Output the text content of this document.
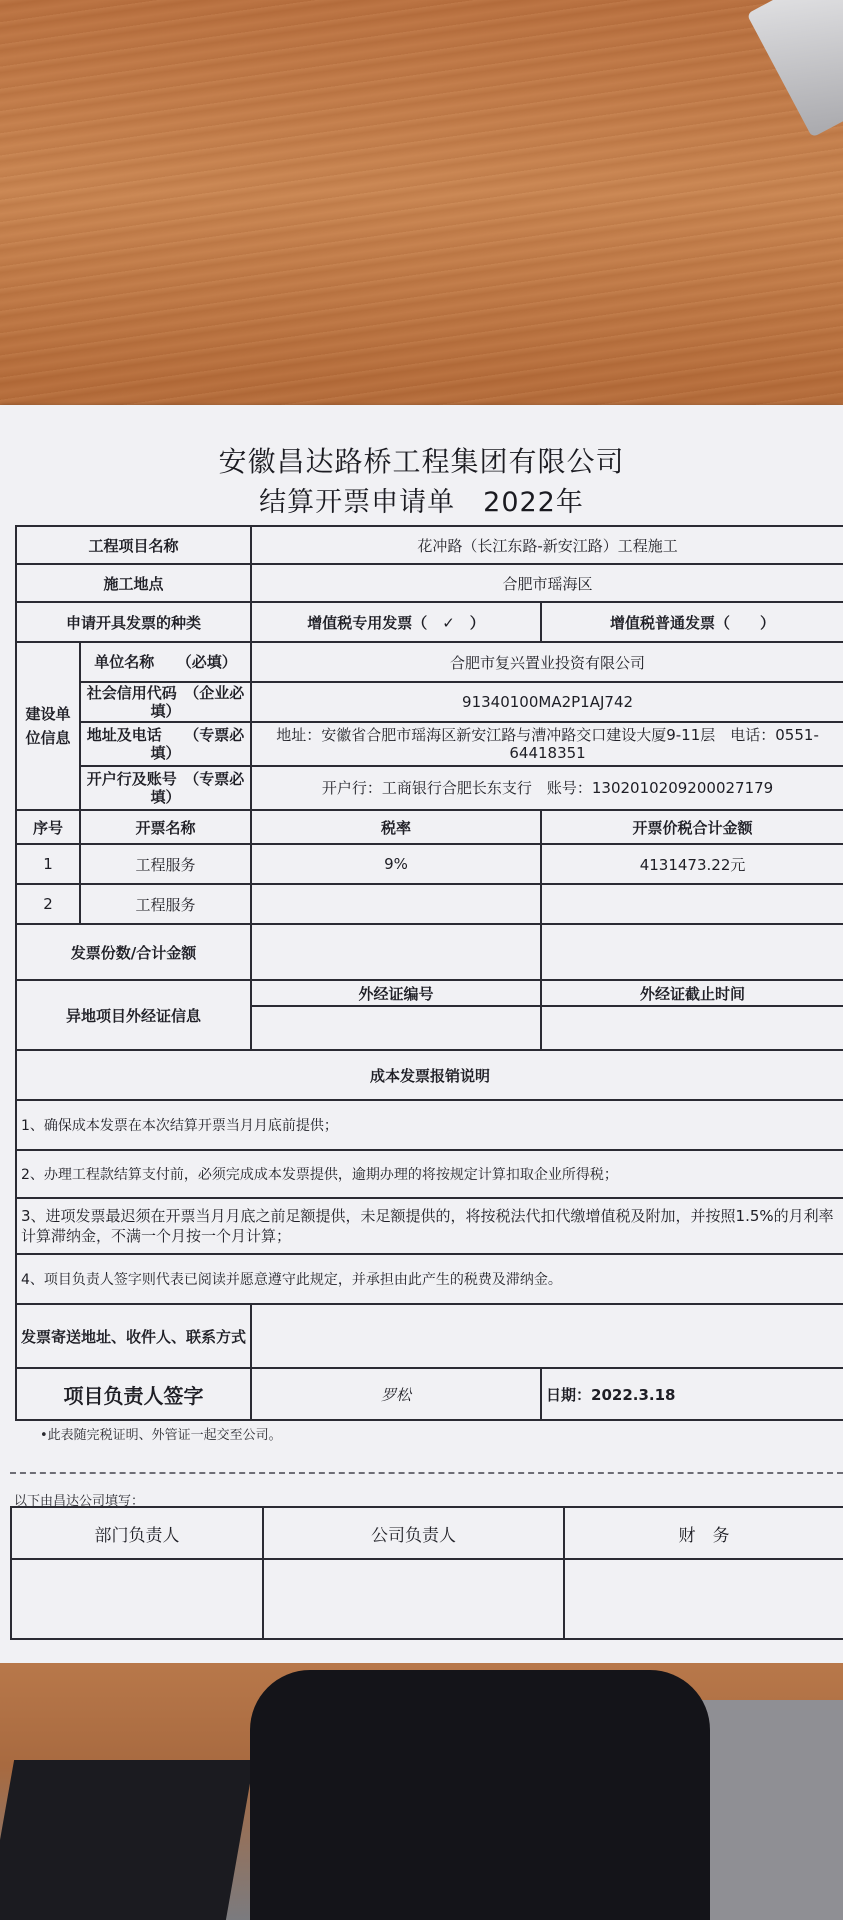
安徽昌达路桥工程集团有限公司
结算开票申请单　2022年
工程项目名称		花冲路（长江东路-新安江路）工程施工	
施工地点		合肥市瑶海区	
申请开具发票的种类		增值税专用发票（　✓　）	增值税普通发票（　　）
建设单位信息	单位名称　　（必填）	合肥市复兴置业投资有限公司	
	社会信用代码　（企业必填）	91340100MA2P1AJ742	
	地址及电话　　（专票必填）	地址：安徽省合肥市瑶海区新安江路与漕冲路交口建设大厦9-11层　电话：0551-64418351	
	开户行及账号　（专票必填）	开户行：工商银行合肥长东支行　账号：1302010209200027179	
序号	开票名称	税率	开票价税合计金额
1	工程服务	9%	4131473.22元
2	工程服务		
发票份数/合计金额			
异地项目外经证信息		外经证编号	外经证截止时间

成本发票报销说明			
1、确保成本发票在本次结算开票当月月底前提供；			
2、办理工程款结算支付前，必须完成成本发票提供，逾期办理的将按规定计算扣取企业所得税；			
3、进项发票最迟须在开票当月月底之前足额提供，未足额提供的，将按税法代扣代缴增值税及附加，并按照1.5%的月利率计算滞纳金，不满一个月按一个月计算；			
4、项目负责人签字则代表已阅读并愿意遵守此规定，并承担由此产生的税费及滞纳金。			
发票寄送地址、收件人、联系方式			
项目负责人签字		罗松	日期：2022.3.18
•此表随完税证明、外管证一起交至公司。
以下由昌达公司填写：
部门负责人	公司负责人	财　务
